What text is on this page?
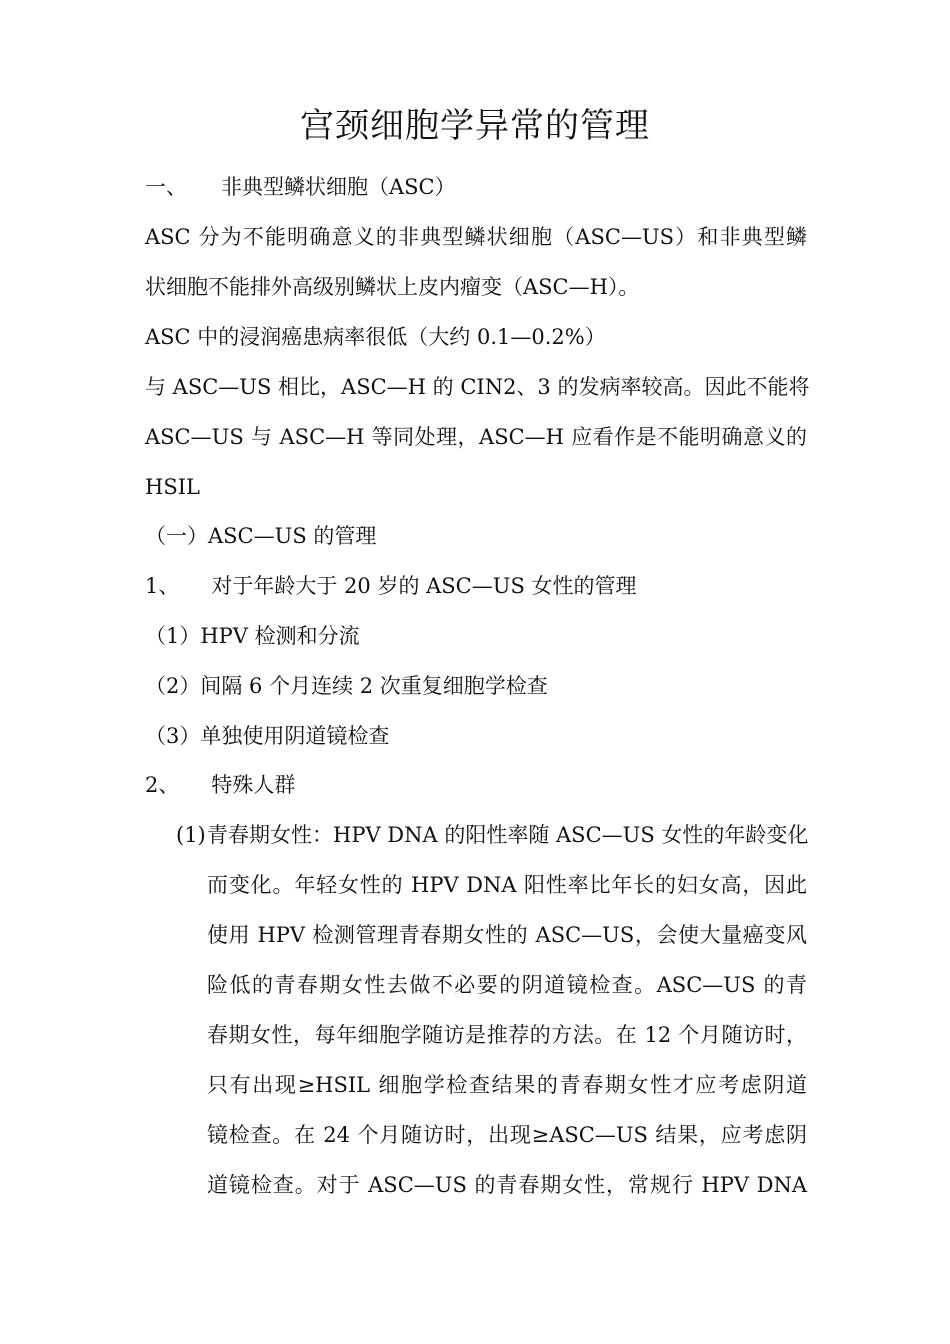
宫颈细胞学异常的管理
一、 非典型鳞状细胞（ASC）
ASC 分为不能明确意义的非典型鳞状细胞（ASC—US）和非典型鳞
状细胞不能排外高级别鳞状上皮内瘤变（ASC—H）。
ASC 中的浸润癌患病率很低（大约 0.1—0.2%）
与 ASC—US 相比，ASC—H 的 CIN2、3 的发病率较高。因此不能将
ASC—US 与 ASC—H 等同处理，ASC—H 应看作是不能明确意义的
HSIL
（一）ASC—US 的管理
1、 对于年龄大于 20 岁的 ASC—US 女性的管理
（1）HPV 检测和分流
（2）间隔 6 个月连续 2 次重复细胞学检查
（3）单独使用阴道镜检查
2、 特殊人群
(1) 青春期女性：HPV DNA 的阳性率随 ASC—US 女性的年龄变化
而变化。年轻女性的 HPV DNA 阳性率比年长的妇女高，因此
使用 HPV 检测管理青春期女性的 ASC—US，会使大量癌变风
险低的青春期女性去做不必要的阴道镜检查。ASC—US 的青
春期女性，每年细胞学随访是推荐的方法。在 12 个月随访时，
只有出现≥HSIL 细胞学检查结果的青春期女性才应考虑阴道
镜检查。在 24 个月随访时，出现≥ASC—US 结果，应考虑阴
道镜检查。对于 ASC—US 的青春期女性，常规行 HPV DNA
